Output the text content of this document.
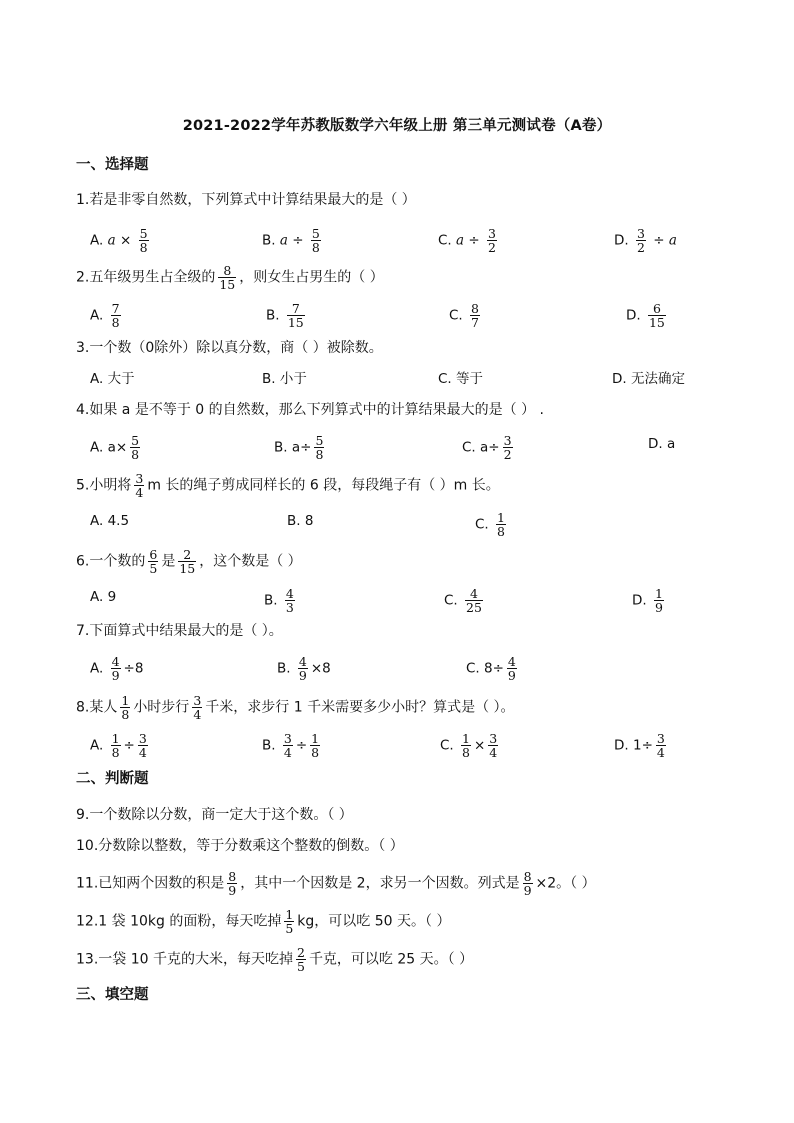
2021-2022学年苏教版数学六年级上册 第三单元测试卷（A卷）
一、选择题
1.若是非零自然数，下列算式中计算结果最大的是（ ）
A. $a \times \frac{5}{8}$	B. $a \div \frac{5}{8}$	C. $a \div \frac{3}{2}$	D. $\frac{3}{2} \div a$
2.五年级男生占全级的 $\frac{8}{15}$ ，则女生占男生的（ ）
A. $\frac{7}{8}$	B. $\frac{7}{15}$	C. $\frac{8}{7}$	D. $\frac{6}{15}$
3.一个数（0除外）除以真分数，商（ ）被除数。
A. 大于	B. 小于	C. 等于	D. 无法确定
4.如果 a 是不等于 0 的自然数，那么下列算式中的计算结果最大的是（ ） .
A. $a\times \frac{5}{8}$	B. $a\div \frac{5}{8}$	C. $a\div \frac{3}{2}$	D. a
5.小明将 $\frac{3}{4}$ m 长的绳子剪成同样长的 6 段，每段绳子有（ ）m 长。
A. 4.5	B. 8	C. $\frac{1}{8}$
6.一个数的 $\frac{6}{5}$ 是 $\frac{2}{15}$ ，这个数是（ ）
A. 9	B. $\frac{4}{3}$	C. $\frac{4}{25}$	D. $\frac{1}{9}$
7.下面算式中结果最大的是（ ）。
A. $\frac{4}{9} \div 8$	B. $\frac{4}{9} \times 8$	C. $8\div \frac{4}{9}$
8.某人 $\frac{1}{8}$ 小时步行 $\frac{3}{4}$ 千米，求步行 1 千米需要多少小时？算式是（ ）。
A. $\frac{1}{8} \div \frac{3}{4}$	B. $\frac{3}{4} \div \frac{1}{8}$	C. $\frac{1}{8} \times \frac{3}{4}$	D. $1\div \frac{3}{4}$
二、判断题
9.一个数除以分数，商一定大于这个数。（ ）
10.分数除以整数，等于分数乘这个整数的倒数。（ ）
11.已知两个因数的积是 $\frac{8}{9}$ ，其中一个因数是 2，求另一个因数。列式是 $\frac{8}{9} \times 2$。（ ）
12.1 袋 10kg 的面粉，每天吃掉 $\frac{1}{5}$ kg，可以吃 50 天。（ ）
13.一袋 10 千克的大米，每天吃掉 $\frac{2}{5}$ 千克，可以吃 25 天。（ ）
三、填空题
